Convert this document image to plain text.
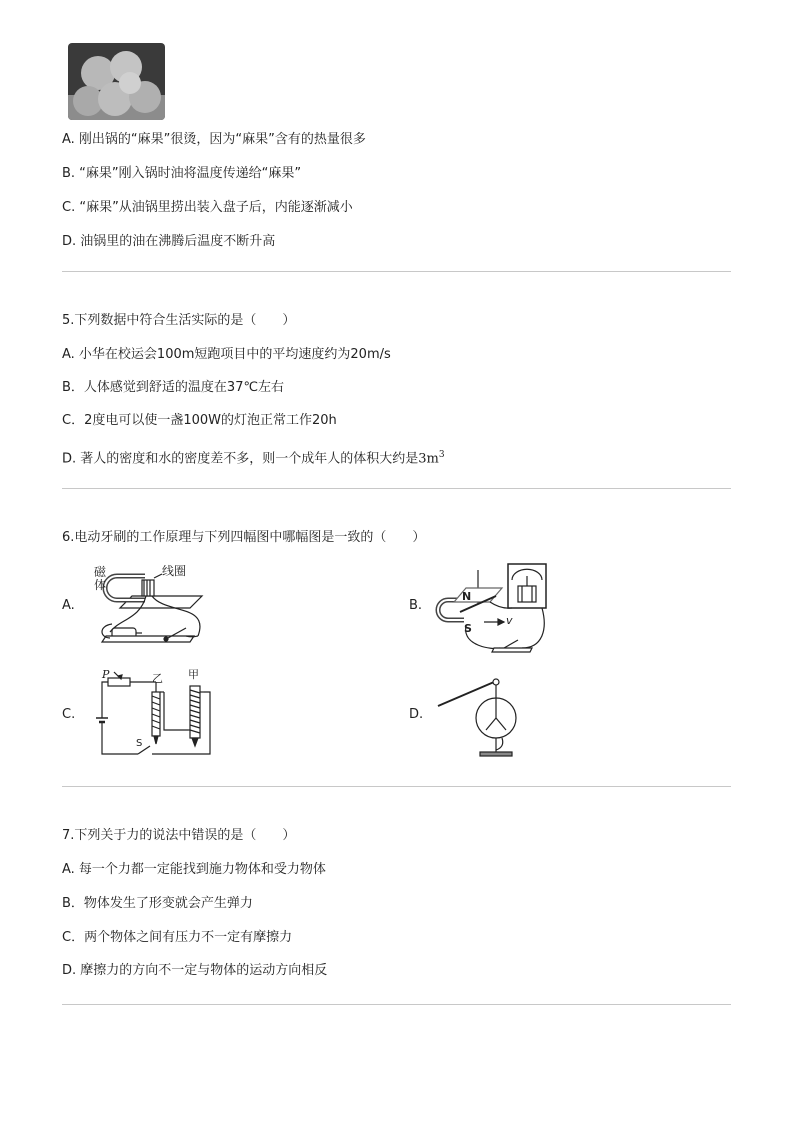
A. 刚出锅的“麻果”很烫，因为“麻果”含有的热量很多
B. “麻果”刚入锅时油将温度传递给“麻果”
C. “麻果”从油锅里捞出装入盘子后，内能逐渐减小
D. 油锅里的油在沸腾后温度不断升高
5.下列数据中符合生活实际的是（　　）
A. 小华在校运会100m短跑项目中的平均速度约为20m/s
B．人体感觉到舒适的温度在37℃左右
C．2度电可以使一盏100W的灯泡正常工作20h
D. 著人的密度和水的密度差不多，则一个成年人的体积大约是$3m^3$
6.电动牙刷的工作原理与下列四幅图中哪幅图是一致的（　　）
A.
磁
体
线圈
B.
N
S
v
C.
P	乙 甲
S
D.
7.下列关于力的说法中错误的是（　　）
A. 每一个力都一定能找到施力物体和受力物体
B．物体发生了形变就会产生弹力
C．两个物体之间有压力不一定有摩擦力
D. 摩擦力的方向不一定与物体的运动方向相反
